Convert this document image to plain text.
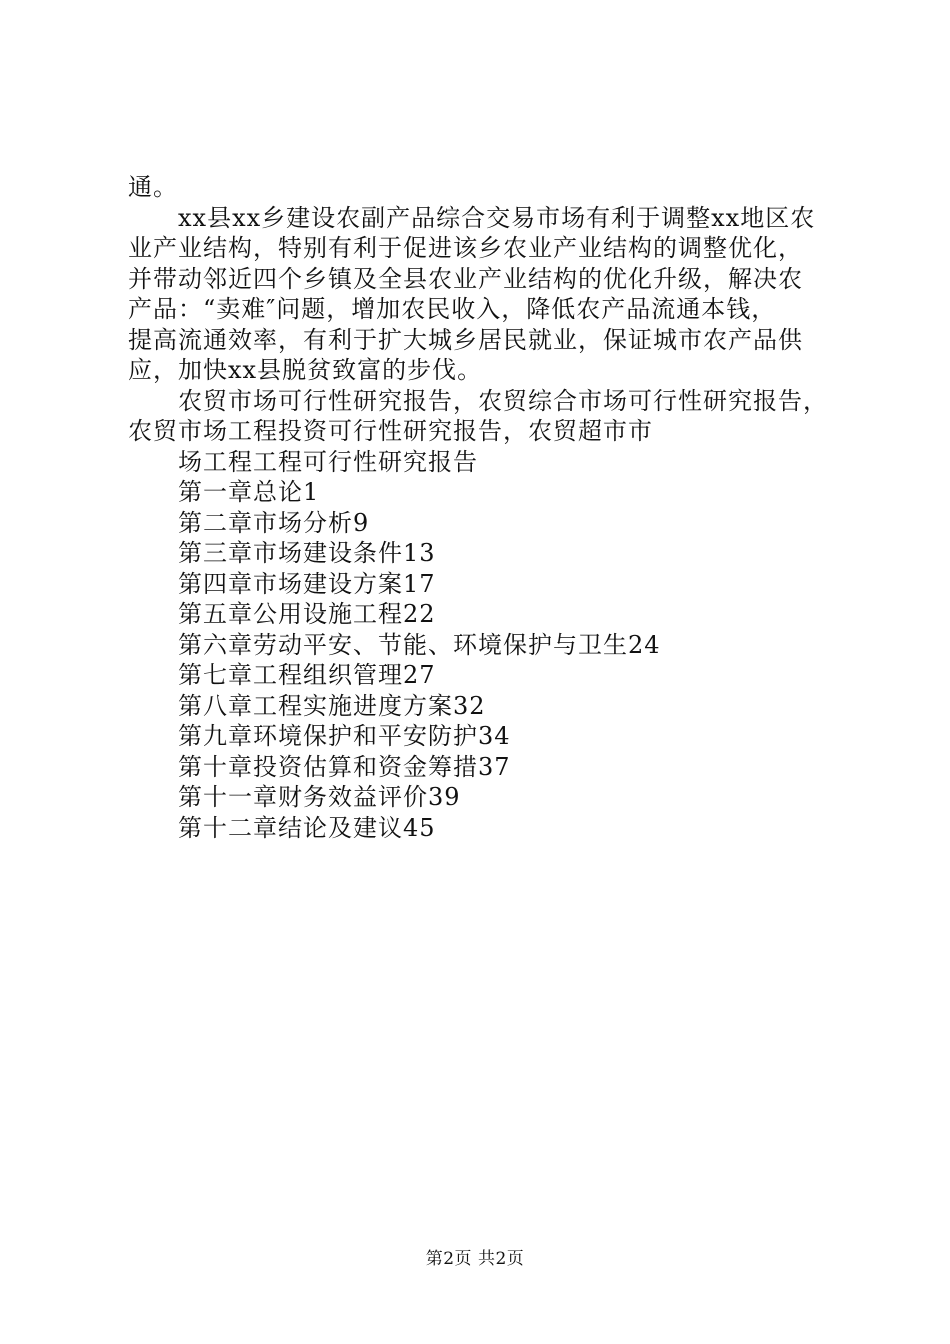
通。
xx县xx乡建设农副产品综合交易市场有利于调整xx地区农
业产业结构，特别有利于促进该乡农业产业结构的调整优化，
并带动邻近四个乡镇及全县农业产业结构的优化升级，解决农
产品：“卖难″问题，增加农民收入，降低农产品流通本钱，
提高流通效率，有利于扩大城乡居民就业，保证城市农产品供
应，加快xx县脱贫致富的步伐。
农贸市场可行性研究报告，农贸综合市场可行性研究报告，
农贸市场工程投资可行性研究报告，农贸超市市
场工程工程可行性研究报告
第一章总论1
第二章市场分析9
第三章市场建设条件13
第四章市场建设方案17
第五章公用设施工程22
第六章劳动平安、节能、环境保护与卫生24
第七章工程组织管理27
第八章工程实施进度方案32
第九章环境保护和平安防护34
第十章投资估算和资金筹措37
第十一章财务效益评价39
第十二章结论及建议45
第2页 共2页
